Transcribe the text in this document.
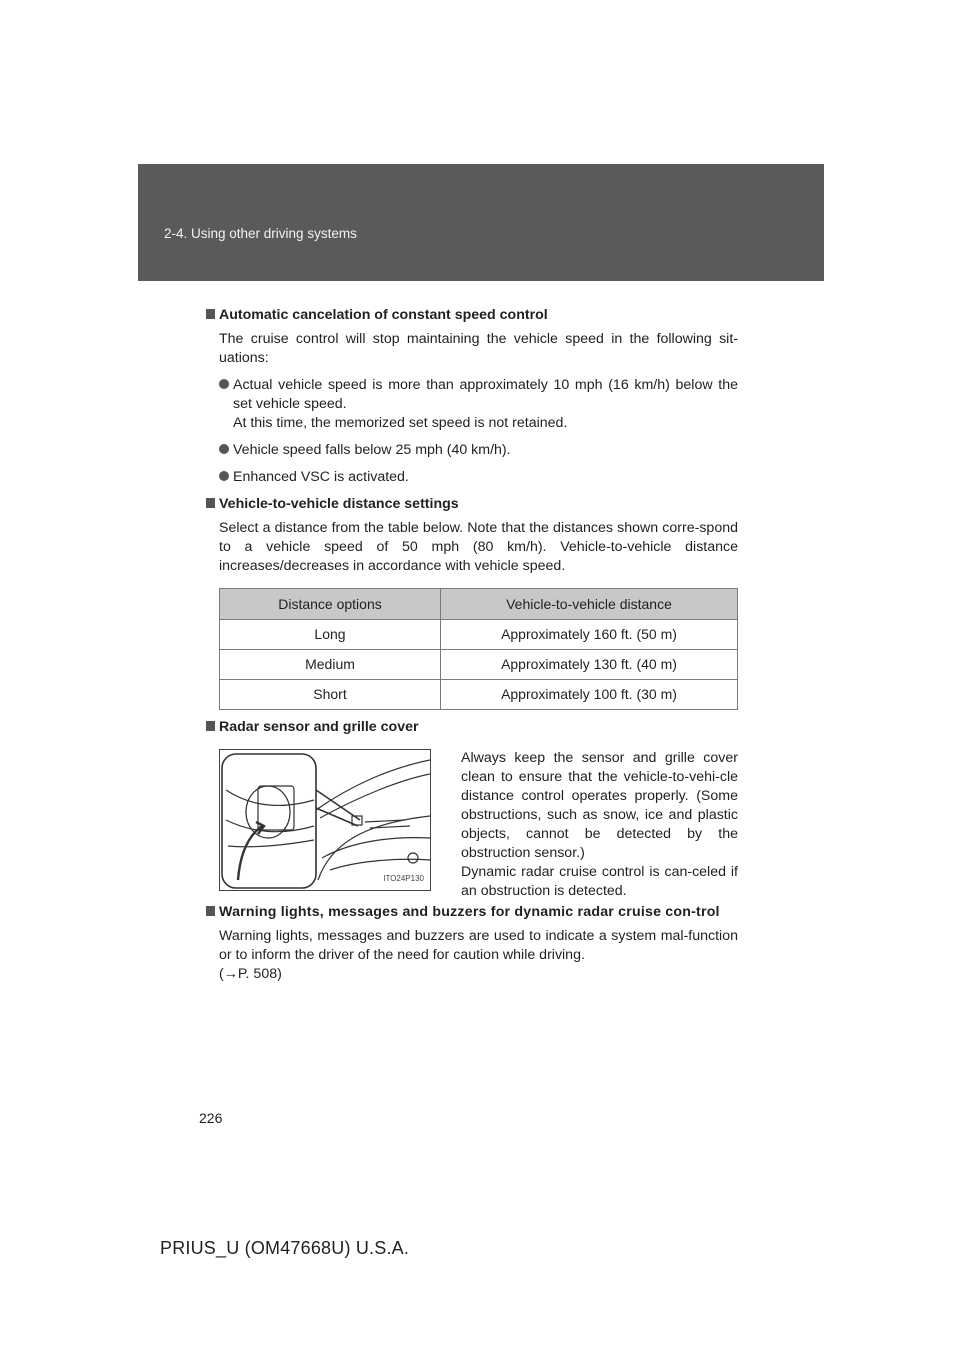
2-4. Using other driving systems
Automatic cancelation of constant speed control
The cruise control will stop maintaining the vehicle speed in the following sit-uations:
Actual vehicle speed is more than approximately 10 mph (16 km/h) below the set vehicle speed.
At this time, the memorized set speed is not retained.
Vehicle speed falls below 25 mph (40 km/h).
Enhanced VSC is activated.
Vehicle-to-vehicle distance settings
Select a distance from the table below. Note that the distances shown corre-spond to a vehicle speed of 50 mph (80 km/h). Vehicle-to-vehicle distance increases/decreases in accordance with vehicle speed.
Distance options	Vehicle-to-vehicle distance
Long	Approximately 160 ft. (50 m)
Medium	Approximately 130 ft. (40 m)
Short	Approximately 100 ft. (30 m)
Radar sensor and grille cover
ITO24P130
Always keep the sensor and grille cover clean to ensure that the vehicle-to-vehi-cle distance control operates properly. (Some obstructions, such as snow, ice and plastic objects, cannot be detected by the obstruction sensor.)
Dynamic radar cruise control is can-celed if an obstruction is detected.
Warning lights, messages and buzzers for dynamic radar cruise con-trol
Warning lights, messages and buzzers are used to indicate a system mal-function or to inform the driver of the need for caution while driving.
(→P. 508)
226
PRIUS_U (OM47668U) U.S.A.
